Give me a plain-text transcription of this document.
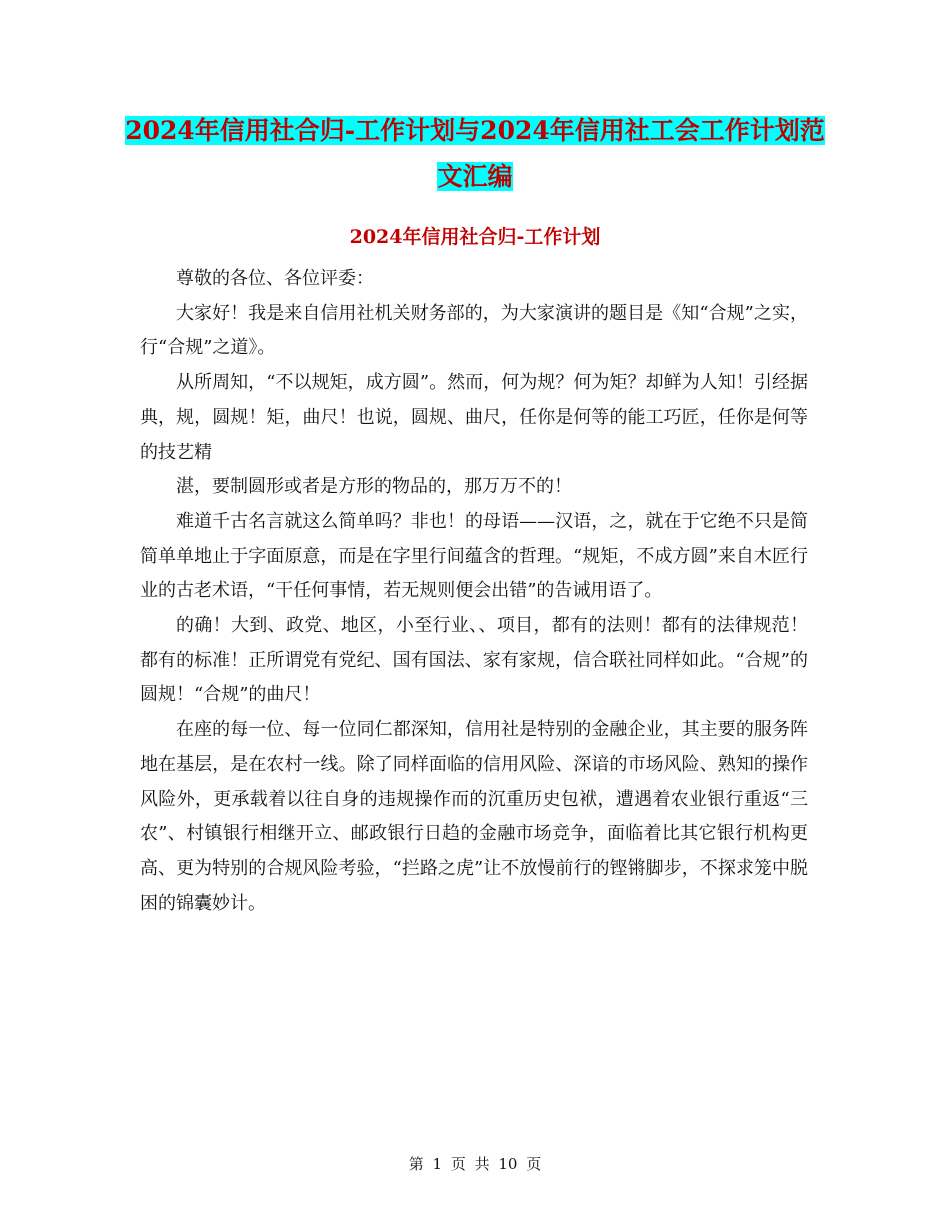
2024年信用社合归-工作计划与2024年信用社工会工作计划范文汇编
2024年信用社合归-工作计划

尊敬的各位、各位评委：

大家好！我是来自信用社机关财务部的，为大家演讲的题目是《知“合规”之实，行“合规”之道》。

从所周知，“不以规矩，成方圆”。然而，何为规？何为矩？却鲜为人知！引经据典，规，圆规！矩，曲尺！也说，圆规、曲尺，任你是何等的能工巧匠，任你是何等的技艺精

湛，要制圆形或者是方形的物品的，那万万不的！

难道千古名言就这么简单吗？非也！的母语——汉语，之，就在于它绝不只是简简单单地止于字面原意，而是在字里行间蕴含的哲理。“规矩，不成方圆”来自木匠行业的古老术语，“干任何事情，若无规则便会出错”的告诫用语了。

的确！大到、政党、地区，小至行业、、项目，都有的法则！都有的法律规范！都有的标准！正所谓党有党纪、国有国法、家有家规，信合联社同样如此。“合规”的圆规！“合规”的曲尺！

在座的每一位、每一位同仁都深知，信用社是特别的金融企业，其主要的服务阵地在基层，是在农村一线。除了同样面临的信用风险、深谙的市场风险、熟知的操作风险外，更承载着以往自身的违规操作而的沉重历史包袱，遭遇着农业银行重返“三农”、村镇银行相继开立、邮政银行日趋的金融市场竞争，面临着比其它银行机构更高、更为特别的合规风险考验，“拦路之虎”让不放慢前行的铿锵脚步，不探求笼中脱困的锦囊妙计。

第 1 页 共 10 页
